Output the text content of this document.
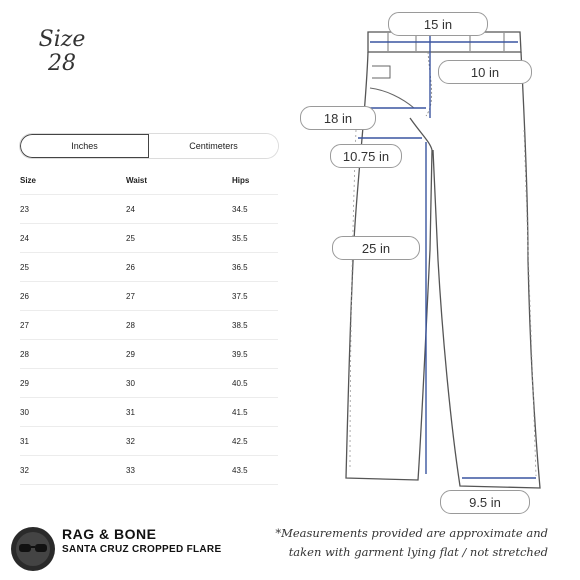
Size
28
Inches	Centimeters
Size	Waist	Hips
23	24	34.5
24	25	35.5
25	26	36.5
26	27	37.5
27	28	38.5
28	29	39.5
29	30	40.5
30	31	41.5
31	32	42.5
32	33	43.5
15 in
10 in
18 in
10.75 in
25 in
9.5 in
RAG & BONE
SANTA CRUZ CROPPED FLARE
*Measurements provided are approximate and taken with garment lying flat / not stretched
